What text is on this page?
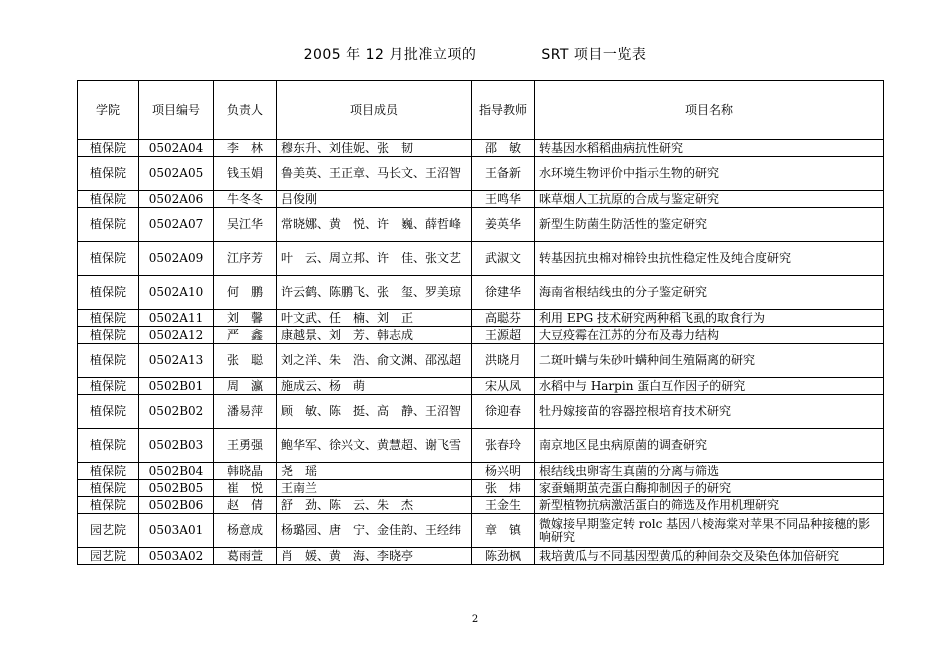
2005 年 12 月批准立项的	SRT 项目一览表
学院	项目编号	负责人	项目成员	指导教师	项目名称
植保院	0502A04	李　林	穆东升、刘佳妮、张　韧	邵　敏	转基因水稻稻曲病抗性研究
植保院	0502A05	钱玉娟	鲁美英、王正章、马长文、王沼智	王备新	水环境生物评价中指示生物的研究
植保院	0502A06	牛冬冬	吕俊刚	王鸣华	咪草烟人工抗原的合成与鉴定研究
植保院	0502A07	吴江华	常晓娜、黄　悦、许　巍、薛哲峰	姜英华	新型生防菌生防活性的鉴定研究
植保院	0502A09	江序芳	叶　云、周立邦、许　佳、张文艺	武淑文	转基因抗虫棉对棉铃虫抗性稳定性及纯合度研究
植保院	0502A10	何　鹏	许云鹤、陈鹏飞、张　玺、罗美琼	徐建华	海南省根结线虫的分子鉴定研究
植保院	0502A11	刘　馨	叶文武、任　楠、刘　正	高聪芬	利用 EPG 技术研究两种稻飞虱的取食行为
植保院	0502A12	严　鑫	康越景、刘　芳、韩志成	王源超	大豆疫霉在江苏的分布及毒力结构
植保院	0502A13	张　聪	刘之洋、朱　浩、俞文渊、邵泓超	洪晓月	二斑叶螨与朱砂叶螨种间生殖隔离的研究
植保院	0502B01	周　瀛	施成云、杨　萌	宋从凤	水稻中与 Harpin 蛋白互作因子的研究
植保院	0502B02	潘易萍	顾　敏、陈　挺、高　静、王沼智	徐迎春	牡丹嫁接苗的容器控根培育技术研究
植保院	0502B03	王勇强	鲍华军、徐兴文、黄慧超、谢飞雪	张春玲	南京地区昆虫病原菌的调查研究
植保院	0502B04	韩晓晶	尧　瑶	杨兴明	根结线虫卵寄生真菌的分离与筛选
植保院	0502B05	崔　悦	王南兰	张　炜	家蚕蛹期茧壳蛋白酶抑制因子的研究
植保院	0502B06	赵　倩	舒　劲、陈　云、朱　杰	王金生	新型植物抗病激活蛋白的筛选及作用机理研究
园艺院	0503A01	杨意成	杨璐园、唐　宁、金佳韵、王经纬	章　镇	微嫁接早期鉴定转 rolc 基因八棱海棠对苹果不同品种接穗的影响研究
园艺院	0503A02	葛雨萱	肖　媛、黄　海、李晓亭	陈劲枫	栽培黄瓜与不同基因型黄瓜的种间杂交及染色体加倍研究
2
